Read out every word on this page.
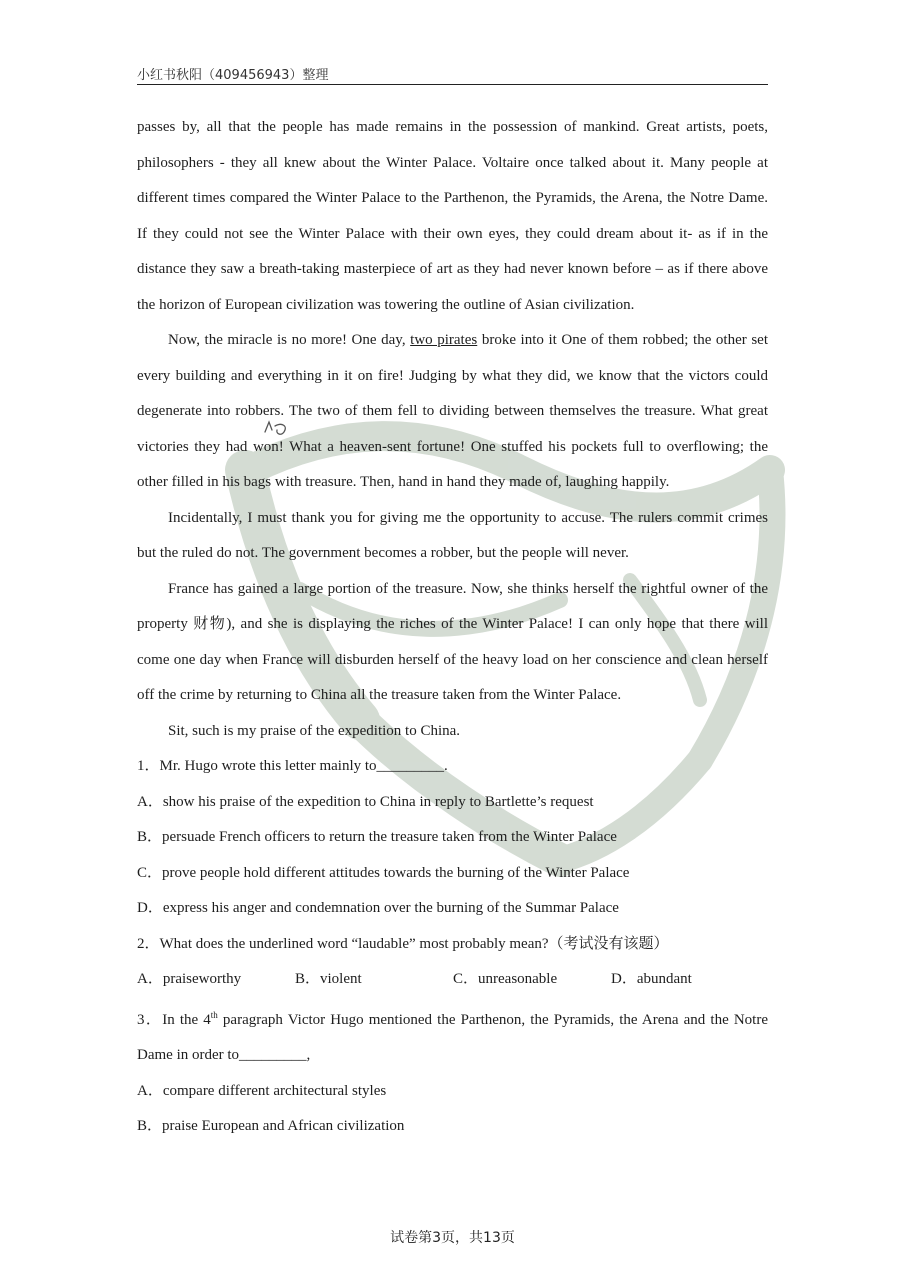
小红书秋阳（409456943）整理

passes by, all that the people has made remains in the possession of mankind. Great artists, poets, philosophers - they all knew about the Winter Palace. Voltaire once talked about it. Many people at different times compared the Winter Palace to the Parthenon, the Pyramids, the Arena, the Notre Dame. If they could not see the Winter Palace with their own eyes, they could dream about it- as if in the distance they saw a breath-taking masterpiece of art as they had never known before – as if there above the horizon of European civilization was towering the outline of Asian civilization.

Now, the miracle is no more! One day, two pirates broke into it One of them robbed; the other set every building and everything in it on fire! Judging by what they did, we know that the victors could degenerate into robbers. The two of them fell to dividing between themselves the treasure. What great victories they had won! What a heaven-sent fortune! One stuffed his pockets full to overflowing; the other filled in his bags with treasure. Then, hand in hand they made of, laughing happily.

Incidentally, I must thank you for giving me the opportunity to accuse. The rulers commit crimes but the ruled do not. The government becomes a robber, but the people will never.

France has gained a large portion of the treasure. Now, she thinks herself the rightful owner of the property 财物), and she is displaying the riches of the Winter Palace! I can only hope that there will come one day when France will disburden herself of the heavy load on her conscience and clean herself off the crime by returning to China all the treasure taken from the Winter Palace.

Sit, such is my praise of the expedition to China.

1．Mr. Hugo wrote this letter mainly to_________.

A．show his praise of the expedition to China in reply to Bartlette’s request

B．persuade French officers to return the treasure taken from the Winter Palace

C．prove people hold different attitudes towards the burning of the Winter Palace

D．express his anger and condemnation over the burning of the Summar Palace

2．What does the underlined word “laudable” most probably mean?（考试没有该题）

A．praiseworthy	B．violent	C．unreasonable	D．abundant

3．In the 4th paragraph Victor Hugo mentioned the Parthenon, the Pyramids, the Arena and the Notre Dame in order to_________,

A．compare different architectural styles

B．praise European and African civilization

试卷第3页，共13页
